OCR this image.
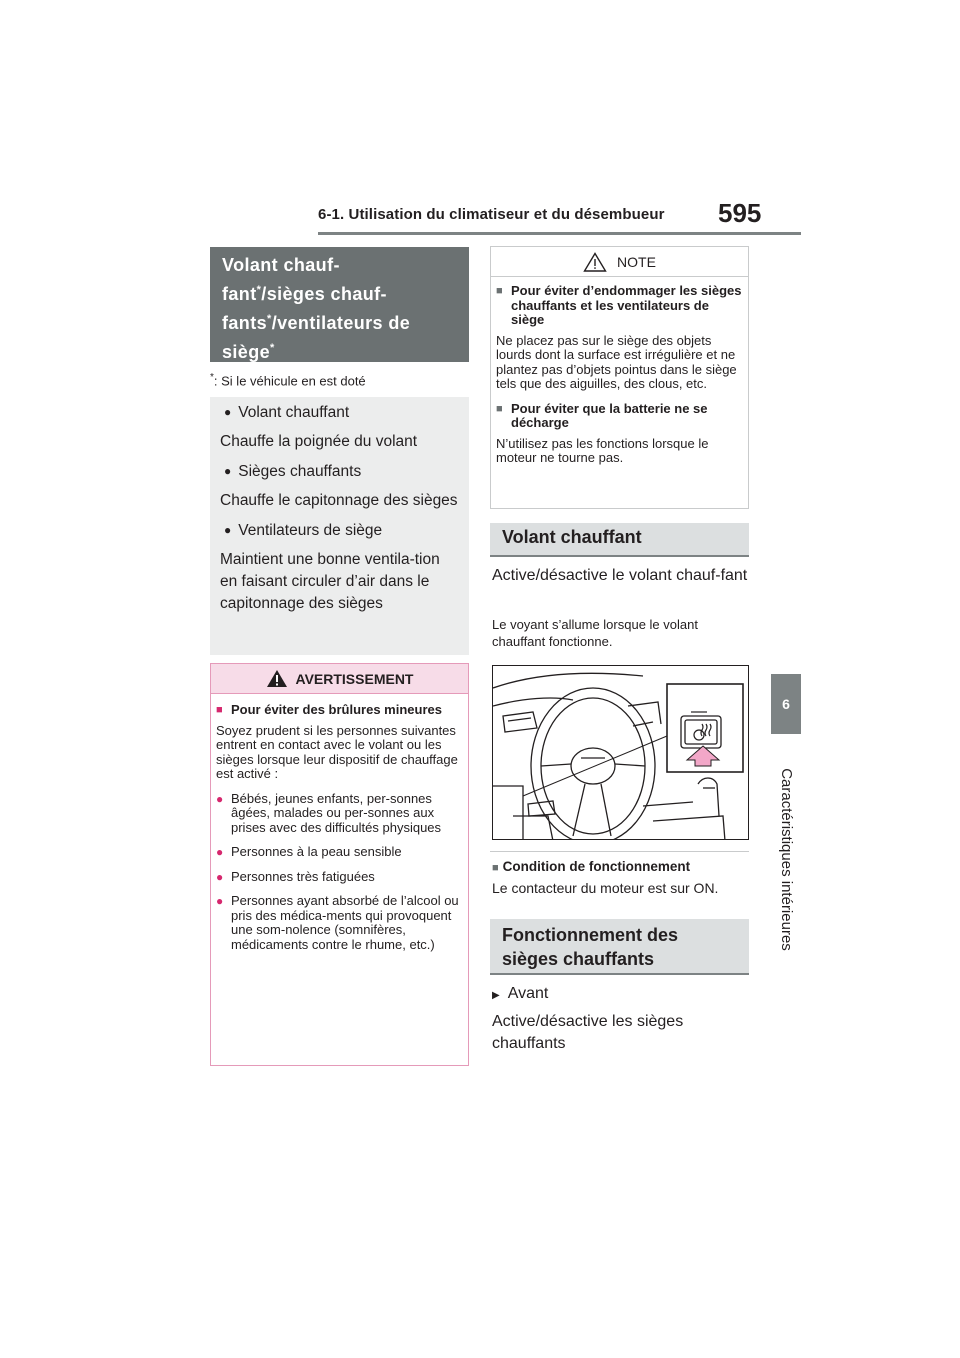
6-1. Utilisation du climatiseur et du désembueur 595
6
Caractéristiques intérieures
Volant chauf-
fant*/sièges chauf-
fants*/ventilateurs de
siège*
*: Si le véhicule en est doté
● Volant chauffant
Chauffe la poignée du volant
● Sièges chauffants
Chauffe le capitonnage des sièges
● Ventilateurs de siège
Maintient une bonne ventila-tion en faisant circuler d’air dans le capitonnage des sièges
AVERTISSEMENT
■ Pour éviter des brûlures mineures

Soyez prudent si les personnes suivantes entrent en contact avec le volant ou les sièges lorsque leur dispositif de chauffage est activé :

● Bébés, jeunes enfants, per-sonnes âgées, malades ou per-sonnes aux prises avec des difficultés physiques
● Personnes à la peau sensible
● Personnes très fatiguées
● Personnes ayant absorbé de l’alcool ou pris des médica-ments qui provoquent une som-nolence (somnifères, médicaments contre le rhume, etc.)
NOTE
■ Pour éviter d’endommager les sièges chauffants et les ventilateurs de siège

Ne placez pas sur le siège des objets lourds dont la surface est irrégulière et ne plantez pas d’objets pointus dans le siège tels que des aiguilles, des clous, etc.

■ Pour éviter que la batterie ne se décharge

N’utilisez pas les fonctions lorsque le moteur ne tourne pas.

Volant chauffant
Active/désactive le volant chauf-fant
Le voyant s’allume lorsque le volant chauffant fonctionne.
■ Condition de fonctionnement
Le contacteur du moteur est sur ON.
Fonctionnement des sièges chauffants
▶ Avant
Active/désactive les sièges chauffants
